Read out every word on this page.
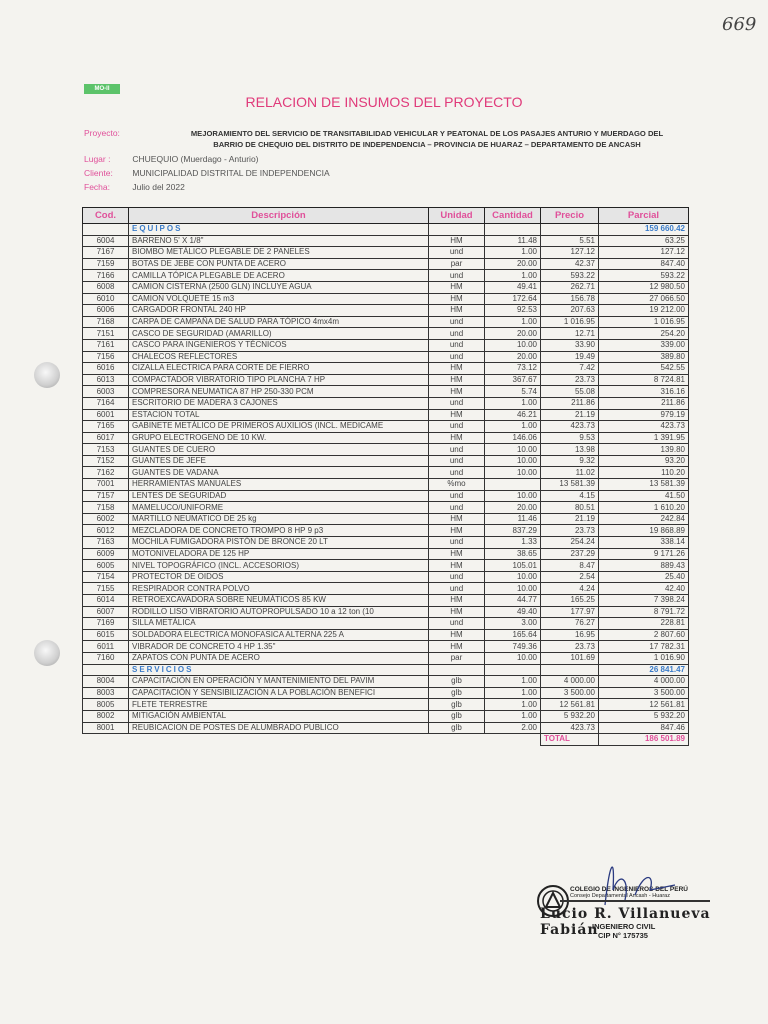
669
MO-II
RELACION DE INSUMOS DEL PROYECTO
Proyecto:	MEJORAMIENTO DEL SERVICIO DE TRANSITABILIDAD VEHICULAR Y PEATONAL DE LOS PASAJES ANTURIO Y MUERDAGO DEL
BARRIO DE CHEQUIO DEL DISTRITO DE INDEPENDENCIA – PROVINCIA DE HUARAZ – DEPARTAMENTO DE ANCASH
Lugar :	CHUEQUIO (Muerdago - Anturio)
Cliente: MUNICIPALIDAD DISTRITAL DE INDEPENDENCIA
Fecha:	Julio del 2022
Cod.	Descripción	Unidad	Cantidad	Precio	Parcial
	EQUIPOS				159 660.42
6004	BARRENO 5' X 1/8"	HM	11.48	5.51	63.25
7167	BIOMBO METÁLICO PLEGABLE DE 2 PANELES	und	1.00	127.12	127.12
7159	BOTAS DE JEBE CON PUNTA DE ACERO	par	20.00	42.37	847.40
7166	CAMILLA TÓPICA PLEGABLE DE ACERO	und	1.00	593.22	593.22
6008	CAMION CISTERNA (2500 GLN) INCLUYE AGUA	HM	49.41	262.71	12 980.50
6010	CAMION VOLQUETE 15 m3	HM	172.64	156.78	27 066.50
6006	CARGADOR FRONTAL 240 HP	HM	92.53	207.63	19 212.00
7168	CARPA DE CAMPAÑA DE SALUD PARA TÓPICO 4mx4m	und	1.00	1 016.95	1 016.95
7151	CASCO DE SEGURIDAD (AMARILLO)	und	20.00	12.71	254.20
7161	CASCO PARA INGENIEROS Y TÉCNICOS	und	10.00	33.90	339.00
7156	CHALECOS REFLECTORES	und	20.00	19.49	389.80
6016	CIZALLA ELECTRICA PARA CORTE DE FIERRO	HM	73.12	7.42	542.55
6013	COMPACTADOR VIBRATORIO TIPO PLANCHA 7 HP	HM	367.67	23.73	8 724.81
6003	COMPRESORA NEUMATICA 87 HP 250-330 PCM	HM	5.74	55.08	316.16
7164	ESCRITORIO DE MADERA 3 CAJONES	und	1.00	211.86	211.86
6001	ESTACION TOTAL	HM	46.21	21.19	979.19
7165	GABINETE METÁLICO DE PRIMEROS AUXILIOS (INCL. MEDICAME	und	1.00	423.73	423.73
6017	GRUPO ELECTROGENO DE 10 KW.	HM	146.06	9.53	1 391.95
7153	GUANTES DE CUERO	und	10.00	13.98	139.80
7152	GUANTES DE JEFE	und	10.00	9.32	93.20
7162	GUANTES DE VADANA	und	10.00	11.02	110.20
7001	HERRAMIENTAS MANUALES	%mo		13 581.39	13 581.39
7157	LENTES DE SEGURIDAD	und	10.00	4.15	41.50
7158	MAMELUCO/UNIFORME	und	20.00	80.51	1 610.20
6002	MARTILLO NEUMATICO DE 25 kg	HM	11.46	21.19	242.84
6012	MEZCLADORA DE CONCRETO TROMPO 8 HP 9 p3	HM	837.29	23.73	19 868.89
7163	MOCHILA FUMIGADORA PISTÓN DE BRONCE 20 LT	und	1.33	254.24	338.14
6009	MOTONIVELADORA DE 125 HP	HM	38.65	237.29	9 171.26
6005	NIVEL TOPOGRÁFICO (INCL. ACCESORIOS)	HM	105.01	8.47	889.43
7154	PROTECTOR DE OIDOS	und	10.00	2.54	25.40
7155	RESPIRADOR CONTRA POLVO	und	10.00	4.24	42.40
6014	RETROEXCAVADORA SOBRE NEUMÁTICOS 85 KW	HM	44.77	165.25	7 398.24
6007	RODILLO LISO VIBRATORIO AUTOPROPULSADO 10 a 12 ton (10	HM	49.40	177.97	8 791.72
7169	SILLA METÁLICA	und	3.00	76.27	228.81
6015	SOLDADORA ELECTRICA MONOFASICA ALTERNA 225 A	HM	165.64	16.95	2 807.60
6011	VIBRADOR DE CONCRETO 4 HP 1.35"	HM	749.36	23.73	17 782.31
7160	ZAPATOS CON PUNTA DE ACERO	par	10.00	101.69	1 016.90
	SERVICIOS				26 841.47
8004	CAPACITACIÓN EN OPERACIÓN Y MANTENIMIENTO DEL PAVIM	glb	1.00	4 000.00	4 000.00
8003	CAPACITACIÓN Y SENSIBILIZACIÓN A LA POBLACIÓN BENEFICI	glb	1.00	3 500.00	3 500.00
8005	FLETE TERRESTRE	glb	1.00	12 561.81	12 561.81
8002	MITIGACIÓN AMBIENTAL	glb	1.00	5 932.20	5 932.20
8001	REUBICACION DE POSTES DE ALUMBRADO PUBLICO	glb	2.00	423.73	847.46
				TOTAL	186 501.89
COLEGIO DE INGENIEROS DEL PERÚ
Consejo Departamental Ancash - Huaraz
Lucio R. Villanueva Fabián
INGENIERO CIVIL
CIP N° 175735
